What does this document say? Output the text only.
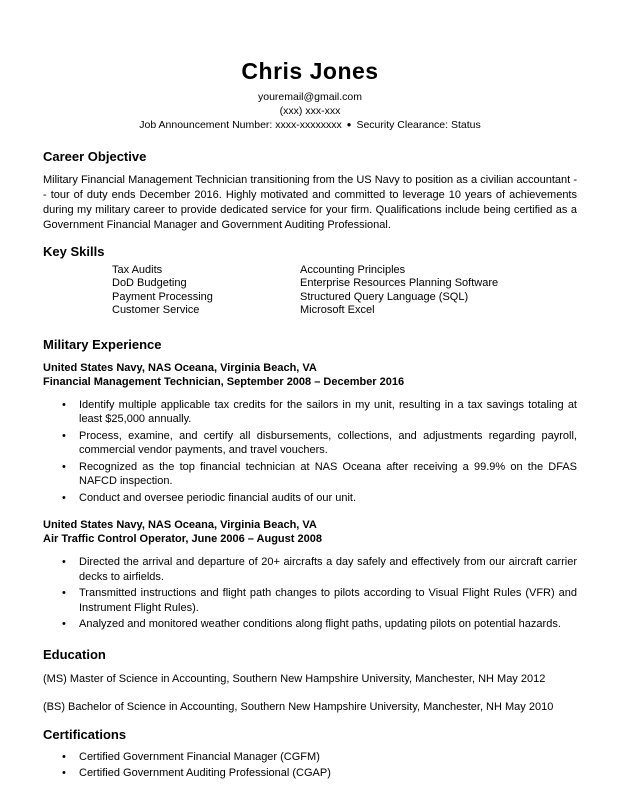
Chris Jones
youremail@gmail.com
(xxx) xxx-xxx
Job Announcement Number: xxxx-xxxxxxxx ● Security Clearance: Status
Career Objective

Military Financial Management Technician transitioning from the US Navy to position as a civilian accountant -- tour of duty ends December 2016. Highly motivated and committed to leverage 10 years of achievements during my military career to provide dedicated service for your firm. Qualifications include being certified as a Government Financial Manager and Government Auditing Professional.

Key Skills
Tax Audits
DoD Budgeting
Payment Processing
Customer Service
Accounting Principles
Enterprise Resources Planning Software
Structured Query Language (SQL)
Microsoft Excel
Military Experience
United States Navy, NAS Oceana, Virginia Beach, VA
Financial Management Technician, September 2008 – December 2016
• Identify multiple applicable tax credits for the sailors in my unit, resulting in a tax savings totaling at least $25,000 annually.
• Process, examine, and certify all disbursements, collections, and adjustments regarding payroll, commercial vendor payments, and travel vouchers.
• Recognized as the top financial technician at NAS Oceana after receiving a 99.9% on the DFAS NAFCD inspection.
• Conduct and oversee periodic financial audits of our unit.
United States Navy, NAS Oceana, Virginia Beach, VA
Air Traffic Control Operator, June 2006 – August 2008
• Directed the arrival and departure of 20+ aircrafts a day safely and effectively from our aircraft carrier decks to airfields.
• Transmitted instructions and flight path changes to pilots according to Visual Flight Rules (VFR) and Instrument Flight Rules).
• Analyzed and monitored weather conditions along flight paths, updating pilots on potential hazards.
Education
(MS) Master of Science in Accounting, Southern New Hampshire University, Manchester, NH May 2012
(BS) Bachelor of Science in Accounting, Southern New Hampshire University, Manchester, NH May 2010
Certifications
• Certified Government Financial Manager (CGFM)
• Certified Government Auditing Professional (CGAP)
